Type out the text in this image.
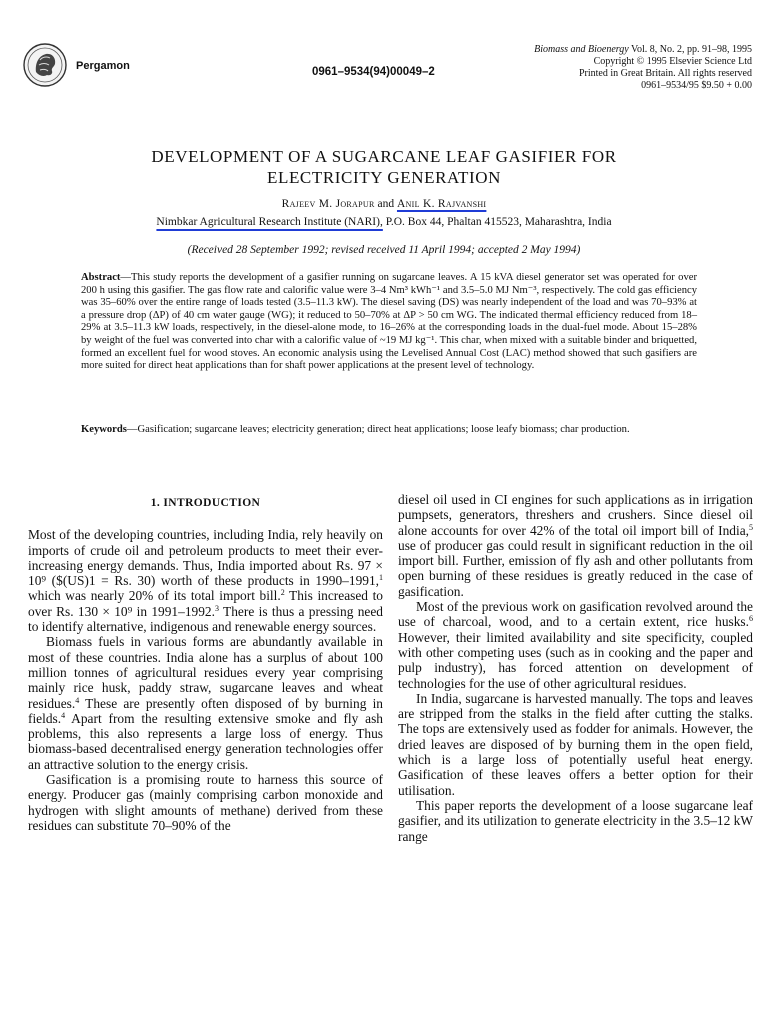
Pergamon	0961–9534(94)00049–2
Biomass and Bioenergy Vol. 8, No. 2, pp. 91–98, 1995
Copyright © 1995 Elsevier Science Ltd
Printed in Great Britain. All rights reserved
0961–9534/95 $9.50 + 0.00
DEVELOPMENT OF A SUGARCANE LEAF GASIFIER FOR
ELECTRICITY GENERATION
Rajeev M. Jorapur and Anil K. Rajvanshi
Nimbkar Agricultural Research Institute (NARI), P.O. Box 44, Phaltan 415523, Maharashtra, India
(Received 28 September 1992; revised received 11 April 1994; accepted 2 May 1994)
Abstract—This study reports the development of a gasifier running on sugarcane leaves. A 15 kVA diesel generator set was operated for over 200 h using this gasifier. The gas flow rate and calorific value were 3–4 Nm³ kWh⁻¹ and 3.5–5.0 MJ Nm⁻³, respectively. The cold gas efficiency was 35–60% over the entire range of loads tested (3.5–11.3 kW). The diesel saving (DS) was nearly independent of the load and was 70–93% at a pressure drop (ΔP) of 40 cm water gauge (WG); it reduced to 50–70% at ΔP > 50 cm WG. The indicated thermal efficiency reduced from 18–29% at 3.5–11.3 kW loads, respectively, in the diesel-alone mode, to 16–26% at the corresponding loads in the dual-fuel mode. About 15–28% by weight of the fuel was converted into char with a calorific value of ~19 MJ kg⁻¹. This char, when mixed with a suitable binder and briquetted, formed an excellent fuel for wood stoves. An economic analysis using the Levelised Annual Cost (LAC) method showed that such gasifiers are more suited for direct heat applications than for shaft power applications at the present level of technology.
Keywords—Gasification; sugarcane leaves; electricity generation; direct heat applications; loose leafy biomass; char production.
1. INTRODUCTION

Most of the developing countries, including India, rely heavily on imports of crude oil and petroleum products to meet their ever-increasing energy demands. Thus, India imported about Rs. 97 × 10⁹ ($(US)1 = Rs. 30) worth of these products in 1990–1991,$^1$ which was nearly 20% of its total import bill.$^2$ This increased to over Rs. 130 × 10⁹ in 1991–1992.$^3$ There is thus a pressing need to identify alternative, indigenous and renewable energy sources.

Biomass fuels in various forms are abundantly available in most of these countries. India alone has a surplus of about 100 million tonnes of agricultural residues every year comprising mainly rice husk, paddy straw, sugarcane leaves and wheat residues.$^4$ These are presently often disposed of by burning in fields.$^4$ Apart from the resulting extensive smoke and fly ash problems, this also represents a large loss of energy. Thus biomass-based decentralised energy generation technologies offer an attractive solution to the energy crisis.

Gasification is a promising route to harness this source of energy. Producer gas (mainly comprising carbon monoxide and hydrogen with slight amounts of methane) derived from these residues can substitute 70–90% of the

diesel oil used in CI engines for such applications as in irrigation pumpsets, generators, threshers and crushers. Since diesel oil alone accounts for over 42% of the total oil import bill of India,$^5$ use of producer gas could result in significant reduction in the oil import bill. Further, emission of fly ash and other pollutants from open burning of these residues is greatly reduced in the case of gasification.

Most of the previous work on gasification revolved around the use of charcoal, wood, and to a certain extent, rice husks.$^6$ However, their limited availability and site specificity, coupled with other competing uses (such as in cooking and the paper and pulp industry), has forced attention on development of technologies for the use of other agricultural residues.

In India, sugarcane is harvested manually. The tops and leaves are stripped from the stalks in the field after cutting the stalks. The tops are extensively used as fodder for animals. However, the dried leaves are disposed of by burning them in the open field, which is a large loss of potentially useful heat energy. Gasification of these leaves offers a better option for their utilisation.

This paper reports the development of a loose sugarcane leaf gasifier, and its utilization to generate electricity in the 3.5–12 kW range
